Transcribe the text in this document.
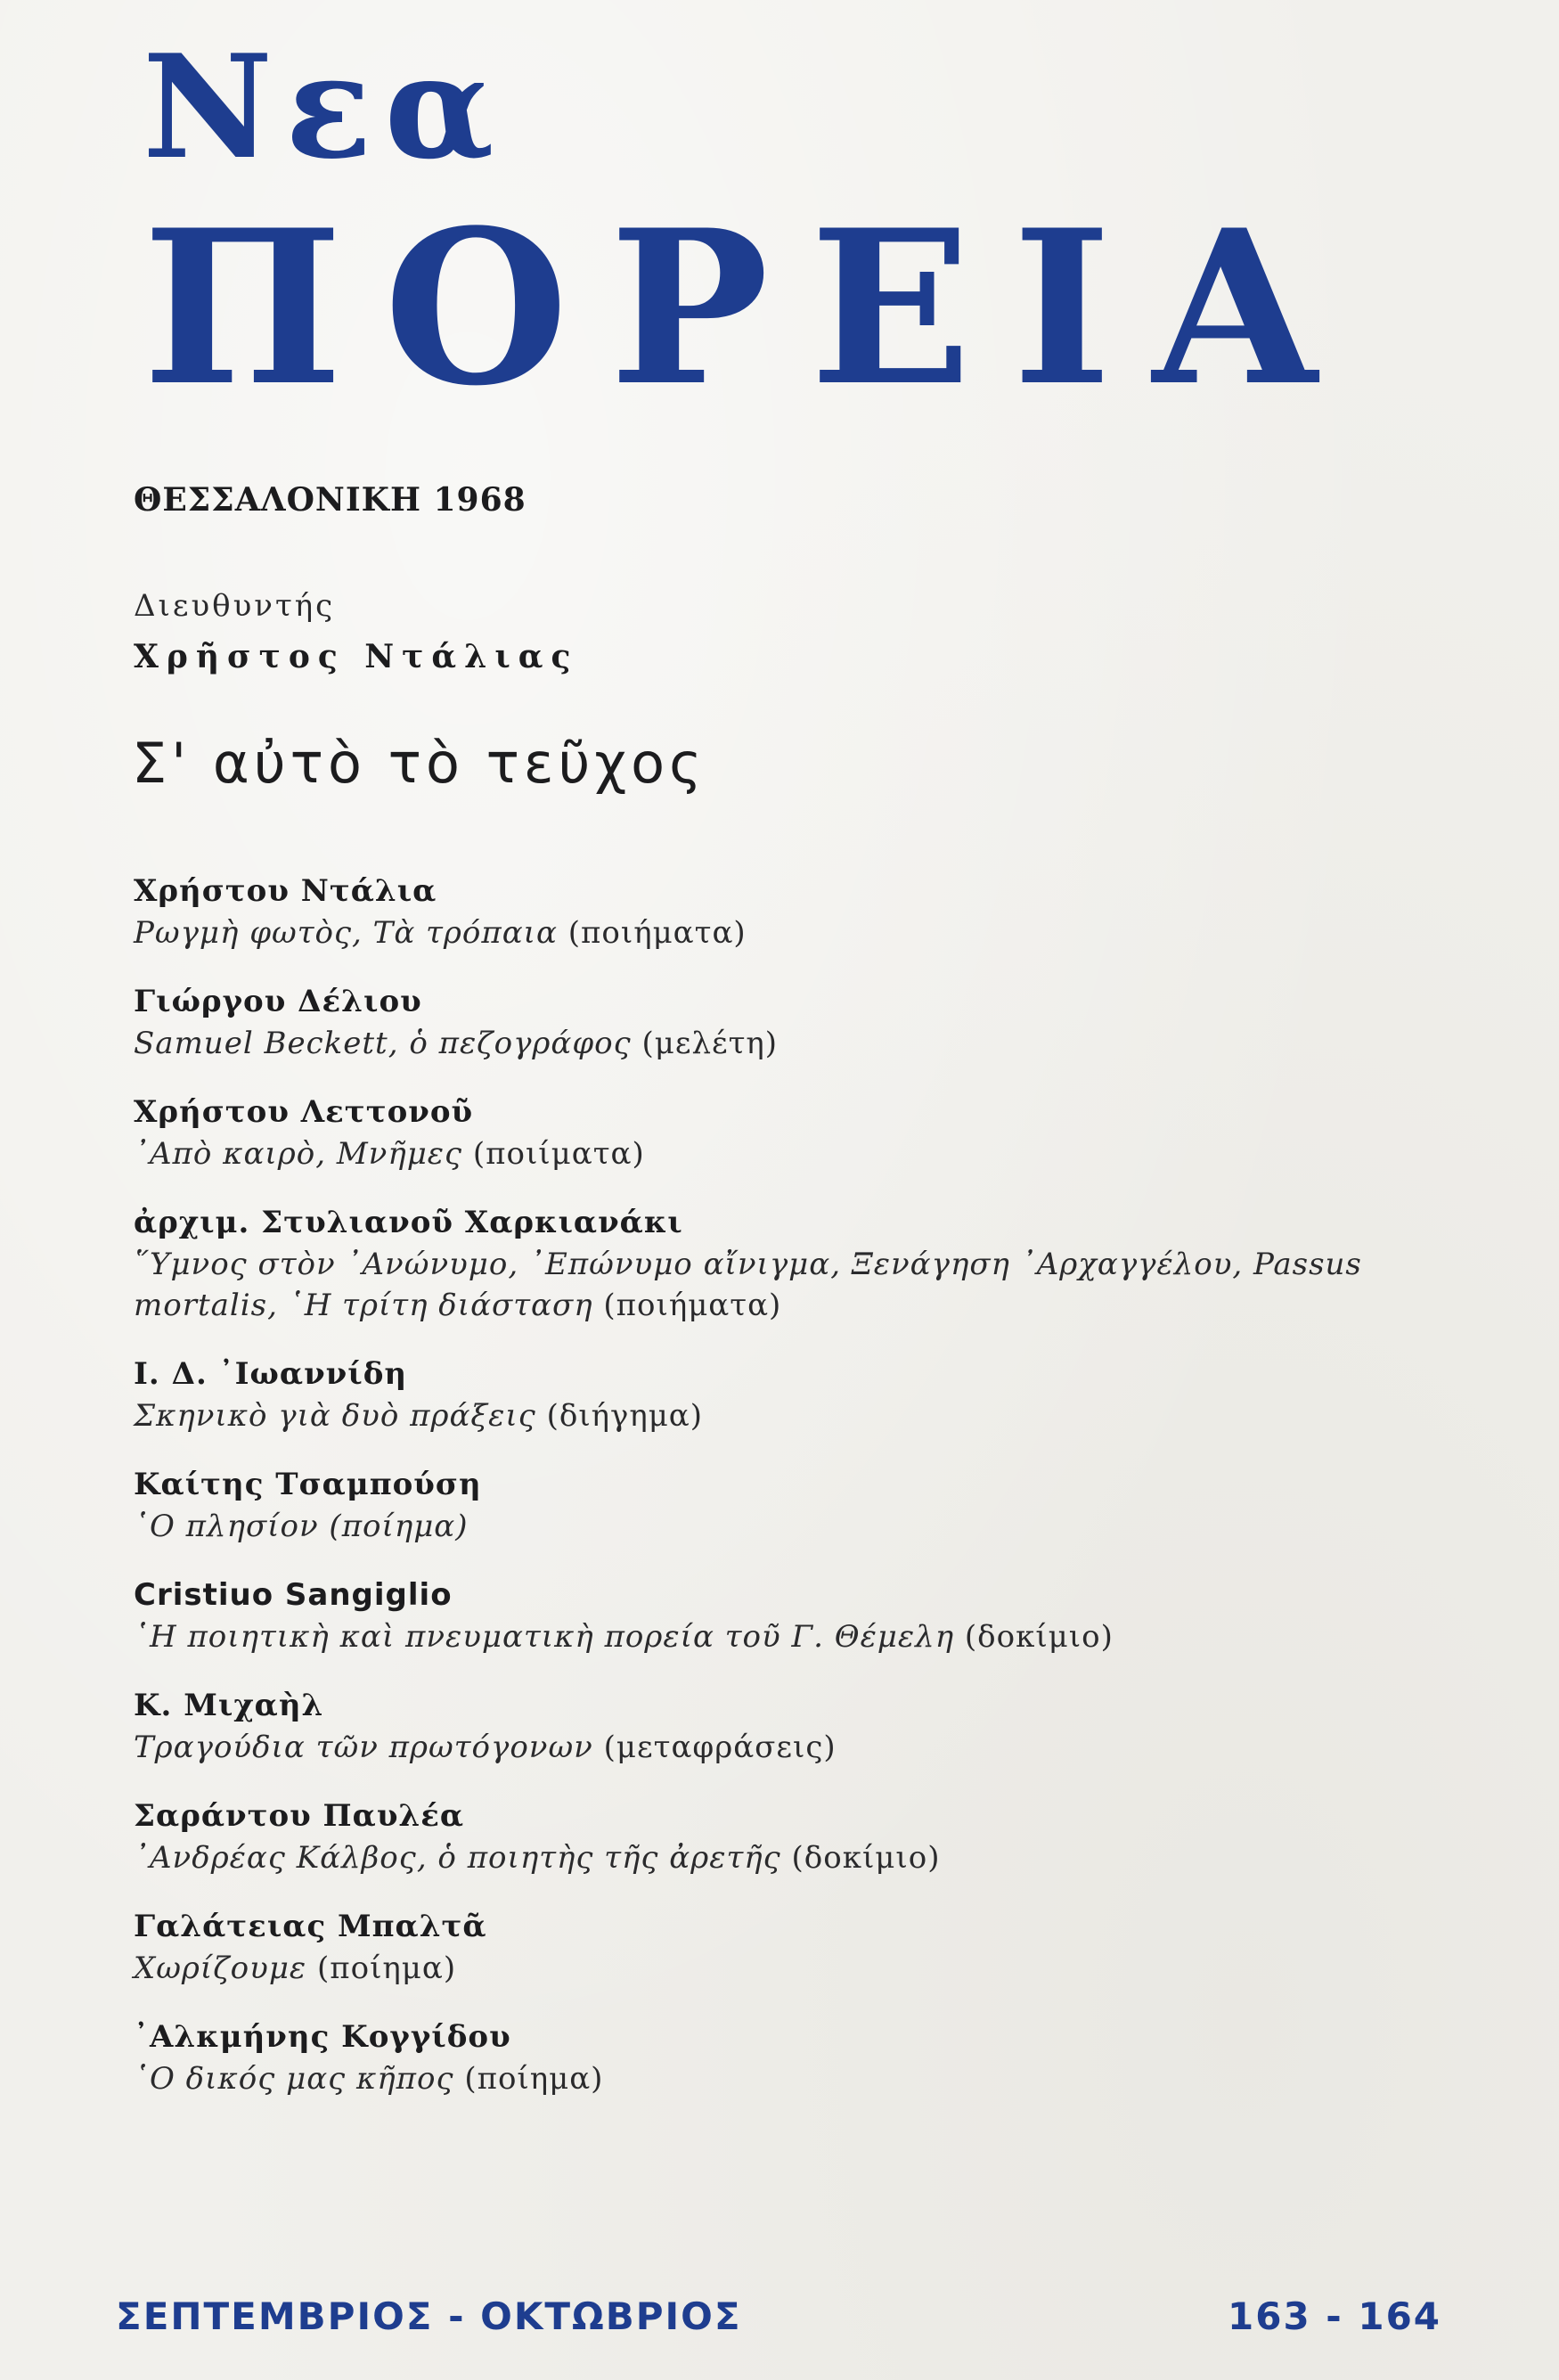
Νεα
ΠΟΡΕΙΑ
ΘΕΣΣΑΛΟΝΙΚΗ 1968
Διευθυντής
Χρῆστος Ντάλιας
Σ' αὐτὸ τὸ τεῦχος
Χρήστου Ντάλια
Ρωγμὴ φωτὸς, Τὰ τρόπαια (ποιήματα)
Γιώργου Δέλιου
Samuel Beckett, ὁ πεζογράφος (μελέτη)
Χρήστου Λεττονοῦ
᾿Απὸ καιρὸ, Μνῆμες (ποιίματα)
ἀρχιμ. Στυλιανοῦ Χαρκιανάκι
῞Υμνος στὸν ᾿Ανώνυμο, ᾿Επώνυμο αἴνιγμα, Ξενάγηση ᾿Αρχαγγέλου, Passus mortalis, ῾Η τρίτη διάσταση (ποιήματα)
Ι. Δ. ᾿Ιωαννίδη
Σκηνικὸ γιὰ δυὸ πράξεις (διήγημα)
Καίτης Τσαμπούση
῾Ο πλησίον (ποίημα)
Cristiuo Sangiglio
῾Η ποιητικὴ καὶ πνευματικὴ πορεία τοῦ Γ. Θέμελη (δοκίμιο)
Κ. Μιχαὴλ
Τραγούδια τῶν πρωτόγονων (μεταφράσεις)
Σαράντου Παυλέα
᾿Ανδρέας Κάλβος, ὁ ποιητὴς τῆς ἀρετῆς (δοκίμιο)
Γαλάτειας Μπαλτᾶ
Χωρίζουμε (ποίημα)
᾿Αλκμήνης Κογγίδου
῾Ο δικός μας κῆπος (ποίημα)
ΣΕΠΤΕΜΒΡΙΟΣ - ΟΚΤΩΒΡΙΟΣ	163 - 164
